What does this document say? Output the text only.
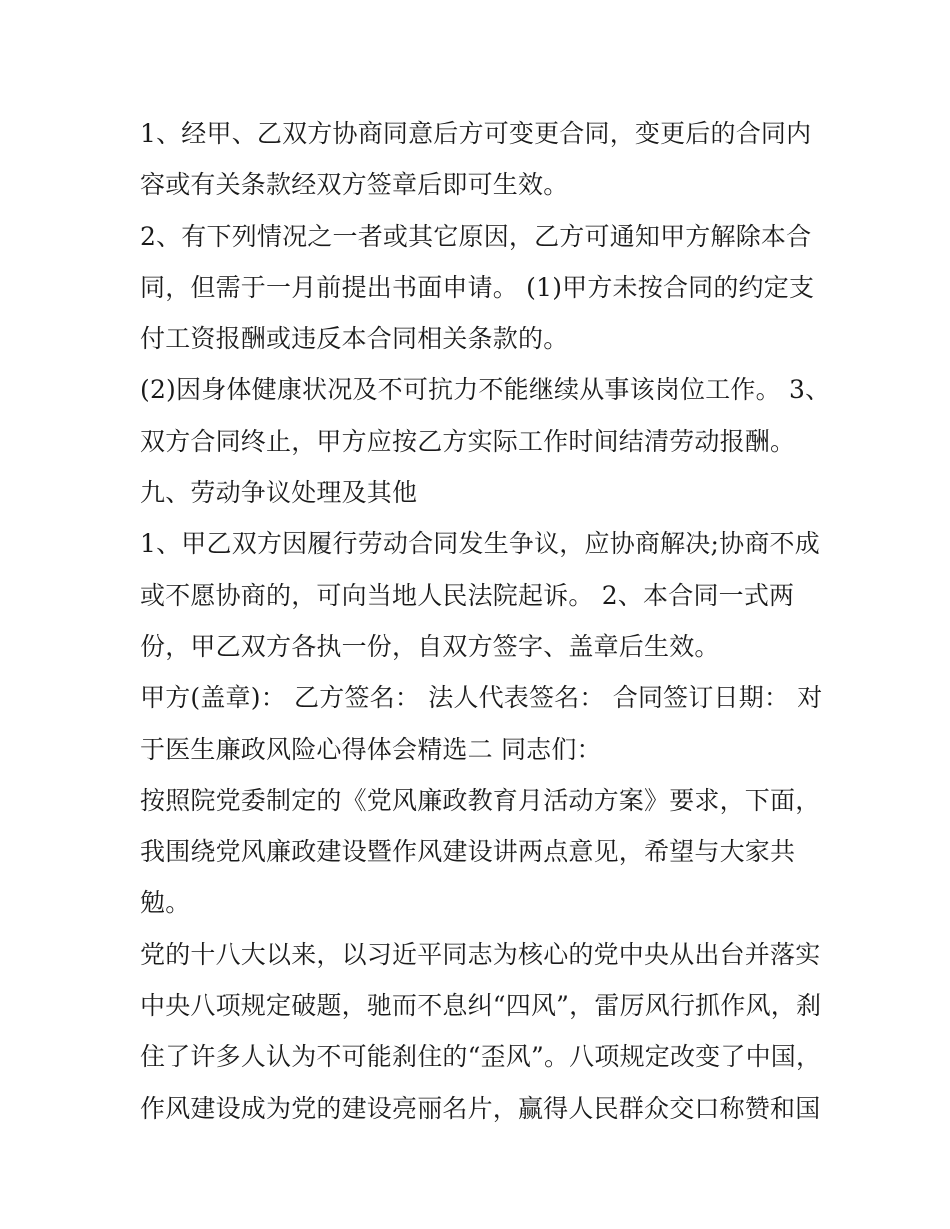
1、经甲、乙双方协商同意后方可变更合同，变更后的合同内
容或有关条款经双方签章后即可生效。
2、有下列情况之一者或其它原因，乙方可通知甲方解除本合
同，但需于一月前提出书面申请。 (1)甲方未按合同的约定支
付工资报酬或违反本合同相关条款的。
(2)因身体健康状况及不可抗力不能继续从事该岗位工作。 3、
双方合同终止，甲方应按乙方实际工作时间结清劳动报酬。
九、劳动争议处理及其他
1、甲乙双方因履行劳动合同发生争议，应协商解决;协商不成
或不愿协商的，可向当地人民法院起诉。 2、本合同一式两
份，甲乙双方各执一份，自双方签字、盖章后生效。
甲方(盖章)： 乙方签名： 法人代表签名： 合同签订日期： 对
于医生廉政风险心得体会精选二 同志们：
按照院党委制定的《党风廉政教育月活动方案》要求，下面，
我围绕党风廉政建设暨作风建设讲两点意见，希望与大家共
勉。
党的十八大以来，以习近平同志为核心的党中央从出台并落实
中央八项规定破题，驰而不息纠“四风”，雷厉风行抓作风，刹
住了许多人认为不可能刹住的“歪风”。八项规定改变了中国，
作风建设成为党的建设亮丽名片，赢得人民群众交口称赞和国
